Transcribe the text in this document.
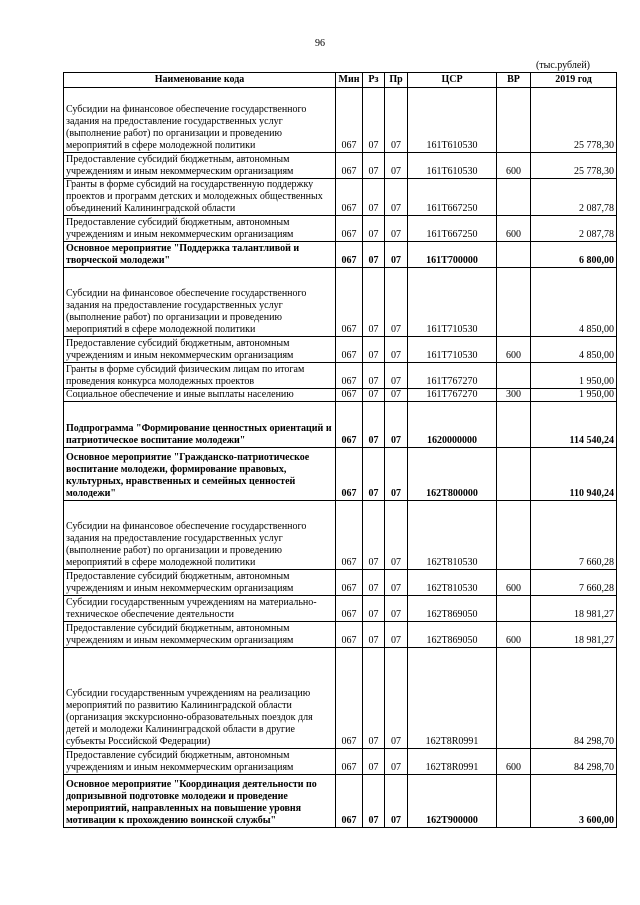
96
(тыс.рублей)
Наименование кода	Мин	Рз	Пр	ЦСР	ВР	2019 год
Субсидии на финансовое обеспечение государственного задания на предоставление государственных услуг (выполнение работ) по организации и проведению мероприятий в сфере молодежной политики	067	07	07	161Т610530		25 778,30
Предоставление субсидий бюджетным, автономным учреждениям и иным некоммерческим организациям	067	07	07	161Т610530	600	25 778,30
Гранты в форме субсидий на государственную поддержку проектов и программ детских и молодежных общественных объединений Калининградской области	067	07	07	161Т667250		2 087,78
Предоставление субсидий бюджетным, автономным учреждениям и иным некоммерческим организациям	067	07	07	161Т667250	600	2 087,78
Основное мероприятие "Поддержка талантливой и творческой молодежи"	067	07	07	161Т700000		6 800,00
Субсидии на финансовое обеспечение государственного задания на предоставление государственных услуг (выполнение работ) по организации и проведению мероприятий в сфере молодежной политики	067	07	07	161Т710530		4 850,00
Предоставление субсидий бюджетным, автономным учреждениям и иным некоммерческим организациям	067	07	07	161Т710530	600	4 850,00
Гранты в форме субсидий физическим лицам по итогам проведения конкурса молодежных проектов	067	07	07	161Т767270		1 950,00
Социальное обеспечение и иные выплаты населению	067	07	07	161Т767270	300	1 950,00
Подпрограмма "Формирование ценностных ориентаций и патриотическое воспитание молодежи"	067	07	07	1620000000		114 540,24
Основное мероприятие "Гражданско-патриотическое воспитание молодежи, формирование правовых, культурных, нравственных и семейных ценностей молодежи"	067	07	07	162Т800000		110 940,24
Субсидии на финансовое обеспечение государственного задания на предоставление государственных услуг (выполнение работ) по организации и проведению мероприятий в сфере молодежной политики	067	07	07	162Т810530		7 660,28
Предоставление субсидий бюджетным, автономным учреждениям и иным некоммерческим организациям	067	07	07	162Т810530	600	7 660,28
Субсидии государственным учреждениям на материально-техническое обеспечение деятельности	067	07	07	162Т869050		18 981,27
Предоставление субсидий бюджетным, автономным учреждениям и иным некоммерческим организациям	067	07	07	162Т869050	600	18 981,27
Субсидии государственным учреждениям на реализацию мероприятий по развитию Калининградской области (организация экскурсионно-образовательных поездок для детей и молодежи Калининградской области в другие субъекты Российской Федерации)	067	07	07	162Т8R0991		84 298,70
Предоставление субсидий бюджетным, автономным учреждениям и иным некоммерческим организациям	067	07	07	162Т8R0991	600	84 298,70
Основное мероприятие "Координация деятельности по допризывной подготовке молодежи и проведение мероприятий, направленных на повышение уровня мотивации к прохождению воинской службы"	067	07	07	162Т900000		3 600,00
